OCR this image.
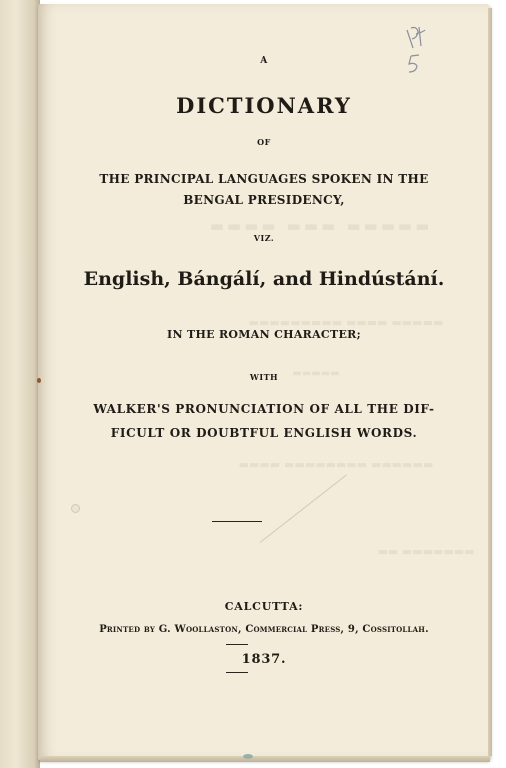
▬▬▬▬ ▬▬▬ ▬▬▬▬▬
▬▬▬▬▬▬▬▬▬ ▬▬▬▬ ▬▬▬▬▬
▬▬▬▬▬
▬▬▬▬ ▬▬▬▬▬▬▬▬ ▬▬▬▬▬▬
▬▬ ▬▬▬▬▬▬▬

A

DICTIONARY

OF

THE PRINCIPAL LANGUAGES SPOKEN IN THE

BENGAL PRESIDENCY,

VIZ.

English, Bángálí, and Hindústání.

IN THE ROMAN CHARACTER;

WITH

WALKER'S PRONUNCIATION OF ALL THE DIF-

FICULT OR DOUBTFUL ENGLISH WORDS.

CALCUTTA:

Printed by G. Woollaston, Commercial Press, 9, Cossitollah.

1837.
